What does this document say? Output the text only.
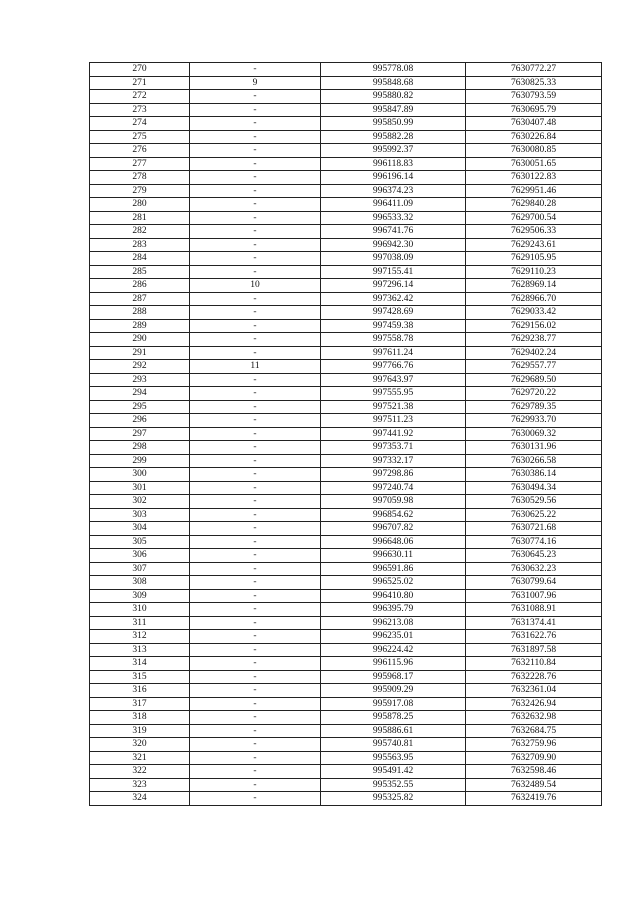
270	-	995778.08	7630772.27
271	9	995848.68	7630825.33
272	-	995880.82	7630793.59
273	-	995847.89	7630695.79
274	-	995850.99	7630407.48
275	-	995882.28	7630226.84
276	-	995992.37	7630080.85
277	-	996118.83	7630051.65
278	-	996196.14	7630122.83
279	-	996374.23	7629951.46
280	-	996411.09	7629840.28
281	-	996533.32	7629700.54
282	-	996741.76	7629506.33
283	-	996942.30	7629243.61
284	-	997038.09	7629105.95
285	-	997155.41	7629110.23
286	10	997296.14	7628969.14
287	-	997362.42	7628966.70
288	-	997428.69	7629033.42
289	-	997459.38	7629156.02
290	-	997558.78	7629238.77
291	-	997611.24	7629402.24
292	11	997766.76	7629557.77
293	-	997643.97	7629689.50
294	-	997555.95	7629720.22
295	-	997521.38	7629789.35
296	-	997511.23	7629933.70
297	-	997441.92	7630069.32
298	-	997353.71	7630131.96
299	-	997332.17	7630266.58
300	-	997298.86	7630386.14
301	-	997240.74	7630494.34
302	-	997059.98	7630529.56
303	-	996854.62	7630625.22
304	-	996707.82	7630721.68
305	-	996648.06	7630774.16
306	-	996630.11	7630645.23
307	-	996591.86	7630632.23
308	-	996525.02	7630799.64
309	-	996410.80	7631007.96
310	-	996395.79	7631088.91
311	-	996213.08	7631374.41
312	-	996235.01	7631622.76
313	-	996224.42	7631897.58
314	-	996115.96	7632110.84
315	-	995968.17	7632228.76
316	-	995909.29	7632361.04
317	-	995917.08	7632426.94
318	-	995878.25	7632632.98
319	-	995886.61	7632684.75
320	-	995740.81	7632759.96
321	-	995563.95	7632709.90
322	-	995491.42	7632598.46
323	-	995352.55	7632489.54
324	-	995325.82	7632419.76
